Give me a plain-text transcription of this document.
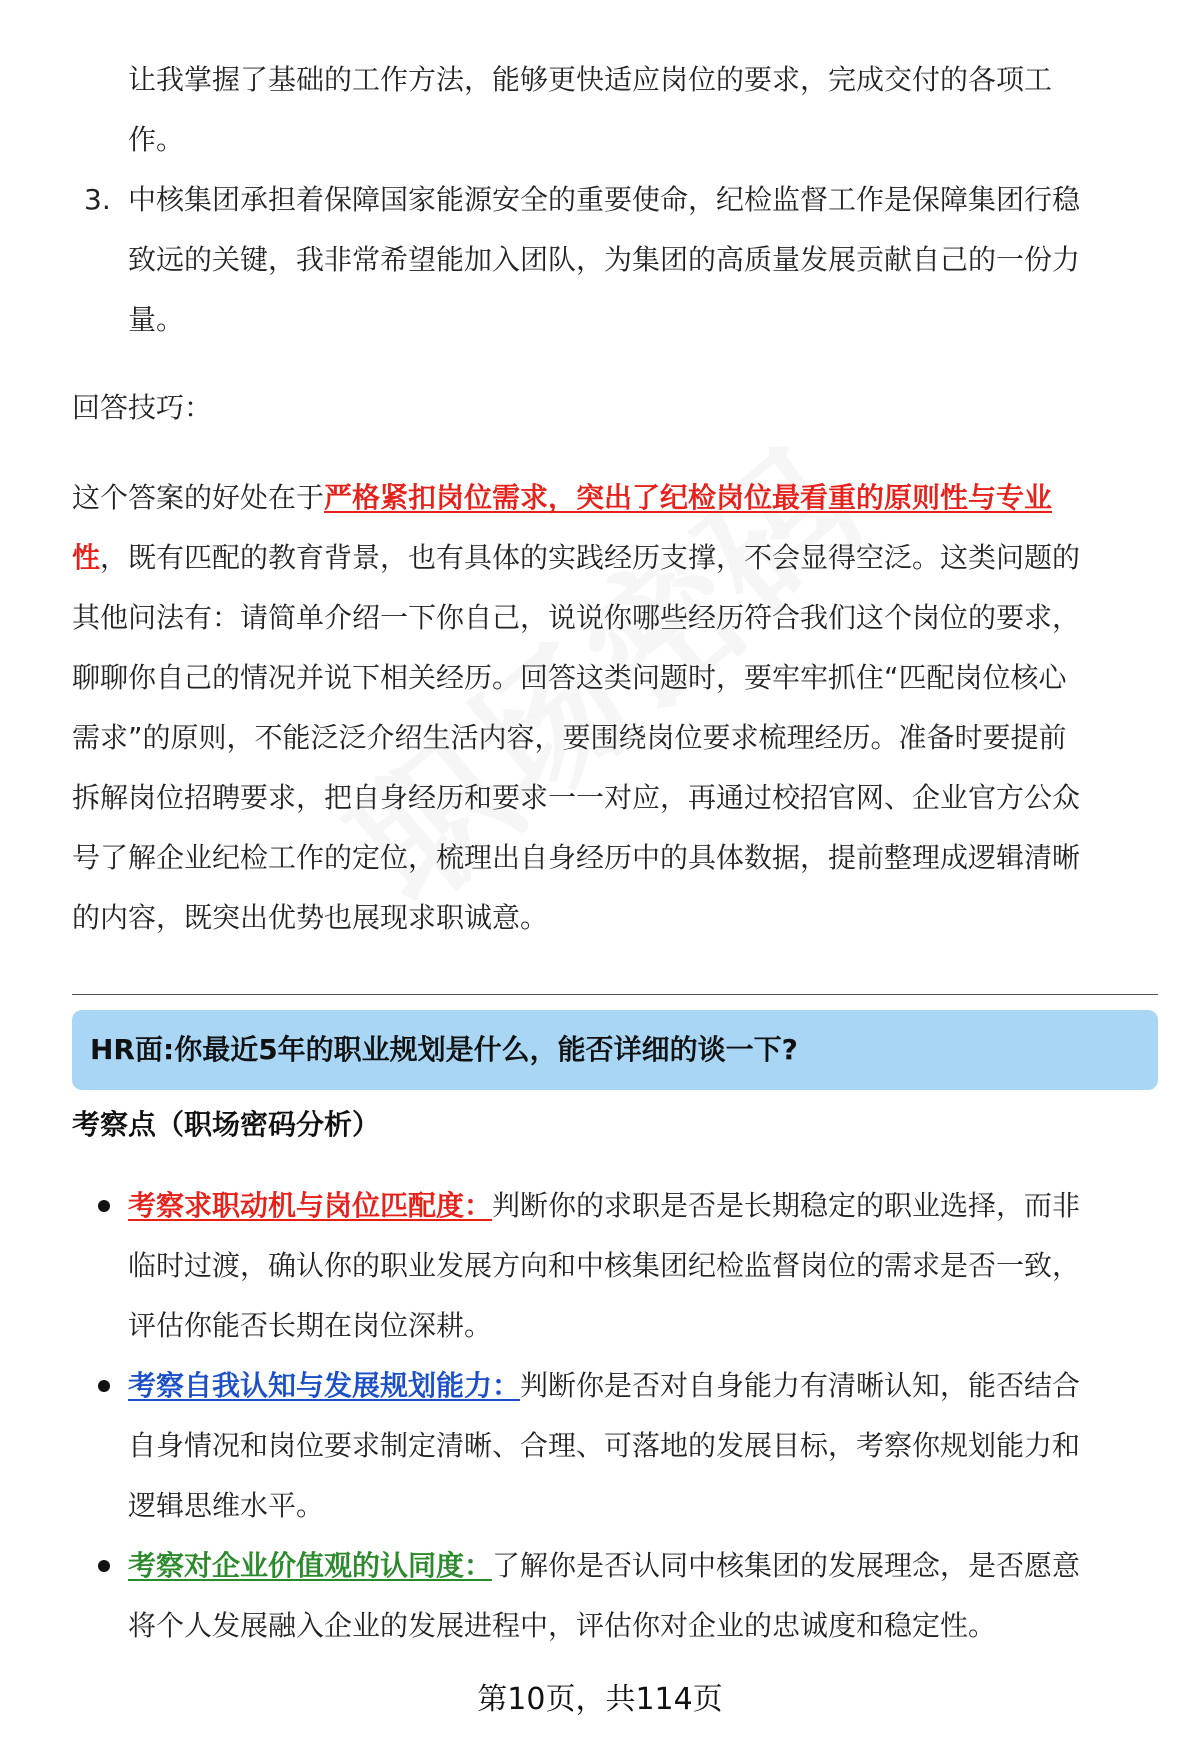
让我掌握了基础的工作方法，能够更快适应岗位的要求，完成交付的各项工
作。
3. 中核集团承担着保障国家能源安全的重要使命，纪检监督工作是保障集团行稳
致远的关键，我非常希望能加入团队，为集团的高质量发展贡献自己的一份力
量。
回答技巧：
这个答案的好处在于严格紧扣岗位需求，突出了纪检岗位最看重的原则性与专业
性，既有匹配的教育背景，也有具体的实践经历支撑，不会显得空泛。这类问题的
其他问法有：请简单介绍一下你自己，说说你哪些经历符合我们这个岗位的要求，
聊聊你自己的情况并说下相关经历。回答这类问题时，要牢牢抓住“匹配岗位核心
需求”的原则，不能泛泛介绍生活内容，要围绕岗位要求梳理经历。准备时要提前
拆解岗位招聘要求，把自身经历和要求一一对应，再通过校招官网、企业官方公众
号了解企业纪检工作的定位，梳理出自身经历中的具体数据，提前整理成逻辑清晰
的内容，既突出优势也展现求职诚意。
HR面:你最近5年的职业规划是什么，能否详细的谈一下?
考察点（职场密码分析）
考察求职动机与岗位匹配度：判断你的求职是否是长期稳定的职业选择，而非
临时过渡，确认你的职业发展方向和中核集团纪检监督岗位的需求是否一致，
评估你能否长期在岗位深耕。
考察自我认知与发展规划能力：判断你是否对自身能力有清晰认知，能否结合
自身情况和岗位要求制定清晰、合理、可落地的发展目标，考察你规划能力和
逻辑思维水平。
考察对企业价值观的认同度：了解你是否认同中核集团的发展理念，是否愿意
将个人发展融入企业的发展进程中，评估你对企业的忠诚度和稳定性。
第10页，共114页
